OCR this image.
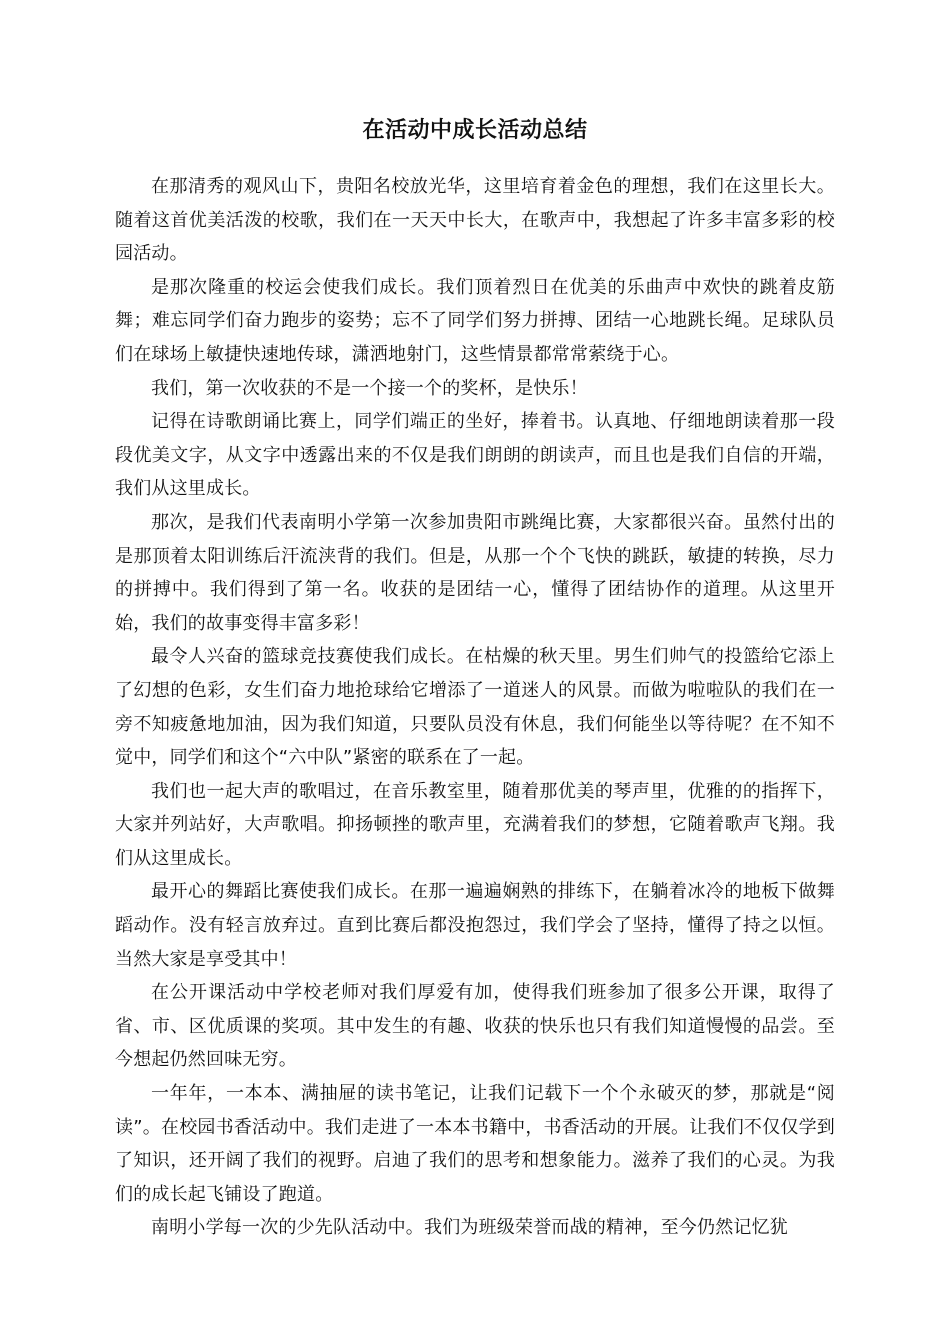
在活动中成长活动总结

在那清秀的观风山下，贵阳名校放光华，这里培育着金色的理想，我们在这里长大。随着这首优美活泼的校歌，我们在一天天中长大，在歌声中，我想起了许多丰富多彩的校园活动。

是那次隆重的校运会使我们成长。我们顶着烈日在优美的乐曲声中欢快的跳着皮筋舞；难忘同学们奋力跑步的姿势；忘不了同学们努力拼搏、团结一心地跳长绳。足球队员们在球场上敏捷快速地传球，潇洒地射门，这些情景都常常萦绕于心。

我们，第一次收获的不是一个接一个的奖杯，是快乐！

记得在诗歌朗诵比赛上，同学们端正的坐好，捧着书。认真地、仔细地朗读着那一段段优美文字，从文字中透露出来的不仅是我们朗朗的朗读声，而且也是我们自信的开端，我们从这里成长。

那次，是我们代表南明小学第一次参加贵阳市跳绳比赛，大家都很兴奋。虽然付出的是那顶着太阳训练后汗流浃背的我们。但是，从那一个个飞快的跳跃，敏捷的转换，尽力的拼搏中。我们得到了第一名。收获的是团结一心，懂得了团结协作的道理。从这里开始，我们的故事变得丰富多彩！

最令人兴奋的篮球竞技赛使我们成长。在枯燥的秋天里。男生们帅气的投篮给它添上了幻想的色彩，女生们奋力地抢球给它增添了一道迷人的风景。而做为啦啦队的我们在一旁不知疲惫地加油，因为我们知道，只要队员没有休息，我们何能坐以等待呢？在不知不觉中，同学们和这个“六中队”紧密的联系在了一起。

我们也一起大声的歌唱过，在音乐教室里，随着那优美的琴声里，优雅的的指挥下，大家并列站好，大声歌唱。抑扬顿挫的歌声里，充满着我们的梦想，它随着歌声飞翔。我们从这里成长。

最开心的舞蹈比赛使我们成长。在那一遍遍娴熟的排练下，在躺着冰冷的地板下做舞蹈动作。没有轻言放弃过。直到比赛后都没抱怨过，我们学会了坚持，懂得了持之以恒。当然大家是享受其中！

在公开课活动中学校老师对我们厚爱有加，使得我们班参加了很多公开课，取得了省、市、区优质课的奖项。其中发生的有趣、收获的快乐也只有我们知道慢慢的品尝。至今想起仍然回味无穷。

一年年，一本本、满抽屉的读书笔记，让我们记载下一个个永破灭的梦，那就是“阅读”。在校园书香活动中。我们走进了一本本书籍中，书香活动的开展。让我们不仅仅学到了知识，还开阔了我们的视野。启迪了我们的思考和想象能力。滋养了我们的心灵。为我们的成长起飞铺设了跑道。

南明小学每一次的少先队活动中。我们为班级荣誉而战的精神，至今仍然记忆犹
